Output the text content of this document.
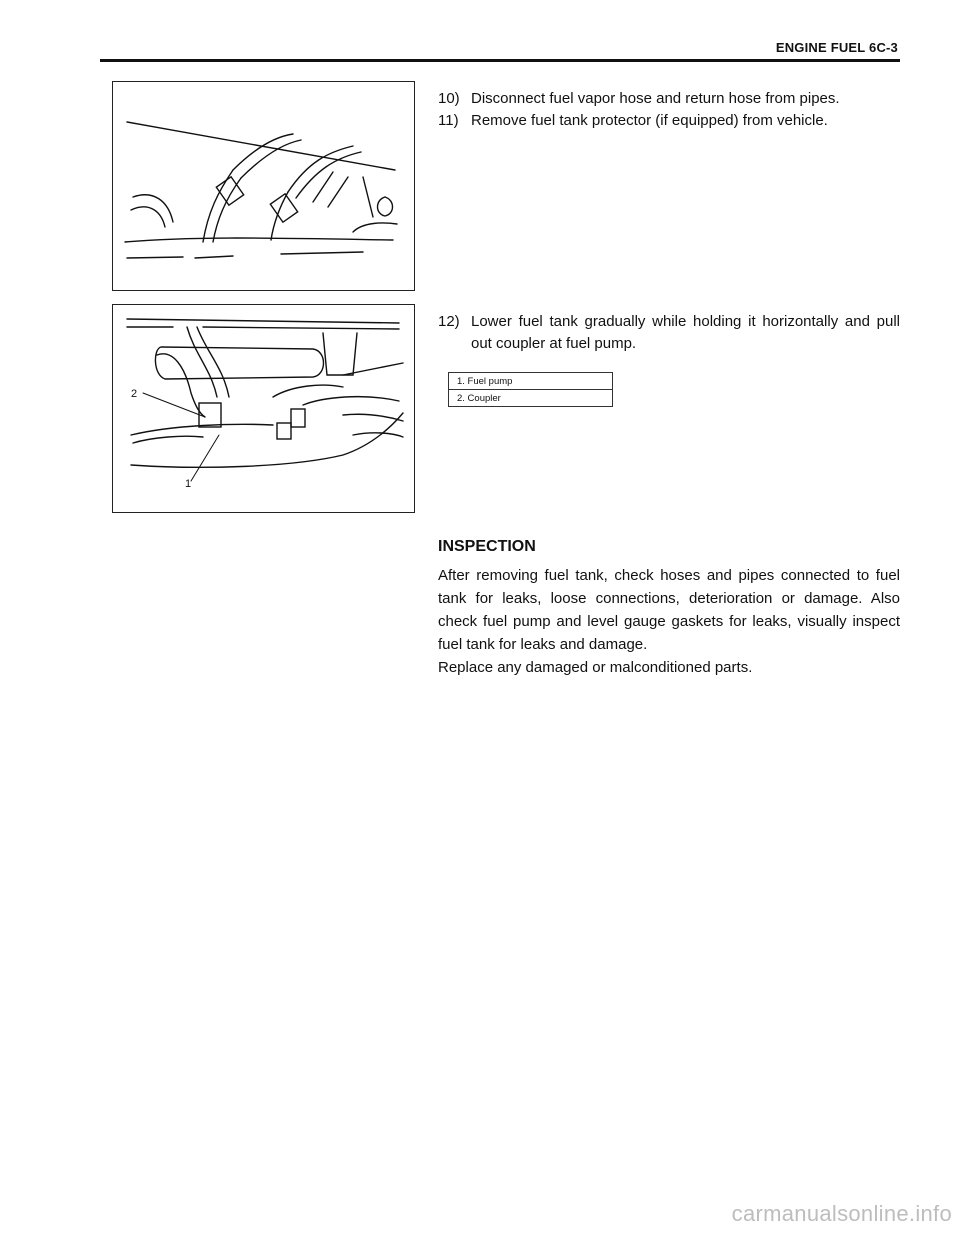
ENGINE FUEL 6C-3
10) Disconnect fuel vapor hose and return hose from pipes.
11) Remove fuel tank protector (if equipped) from vehicle.
2
1
12) Lower fuel tank gradually while holding it horizontally and pull out coupler at fuel pump.
1. Fuel pump
2. Coupler
INSPECTION

After removing fuel tank, check hoses and pipes connected to fuel tank for leaks, loose connections, deterioration or damage. Also check fuel pump and level gauge gaskets for leaks, visually inspect fuel tank for leaks and damage.

Replace any damaged or malconditioned parts.

carmanualsonline.info
